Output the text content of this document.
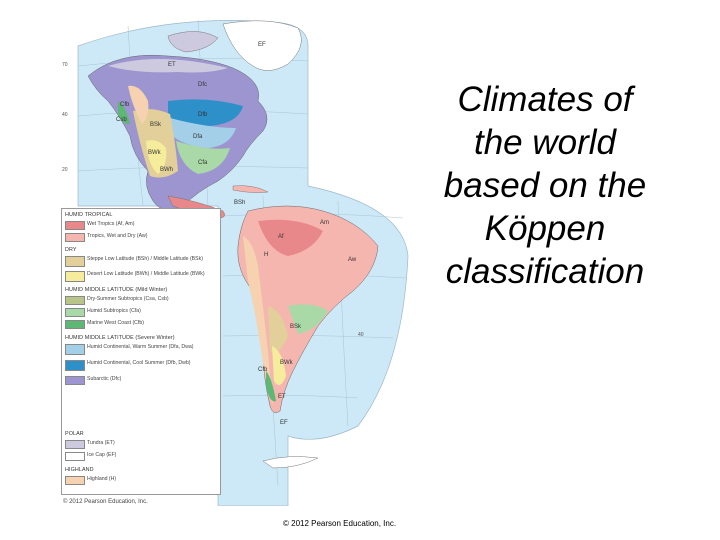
70
40
20
40
Dfc
ET
EF
BSk
BWk
Csb
Cfb
Dfb
Dfa
Cfa
BSh
BWh
Aw
Af
Am
H
Cfb
ET
BWk
BSk
EF
Climates of
the world
based on the
Köppen
classification
HUMID TROPICAL
Wet Tropics (Af, Am)
Tropics, Wet and Dry (Aw)
DRY
Steppe Low Latitude (BSh) / Middle Latitude (BSk)
Desert Low Latitude (BWh) / Middle Latitude (BWk)
HUMID MIDDLE LATITUDE (Mild Winter)
Dry-Summer Subtropics (Csa, Csb)
Humid Subtropics (Cfa)
Marine West Coast (Cfb)
HUMID MIDDLE LATITUDE (Severe Winter)
Humid Continental, Warm Summer (Dfa, Dwa)
Humid Continental, Cool Summer (Dfb, Dwb)
Subarctic (Dfc)
POLAR
Tundra (ET)
Ice Cap (EF)
HIGHLAND
Highland (H)
© 2012 Pearson Education, Inc.
© 2012 Pearson Education, Inc.
